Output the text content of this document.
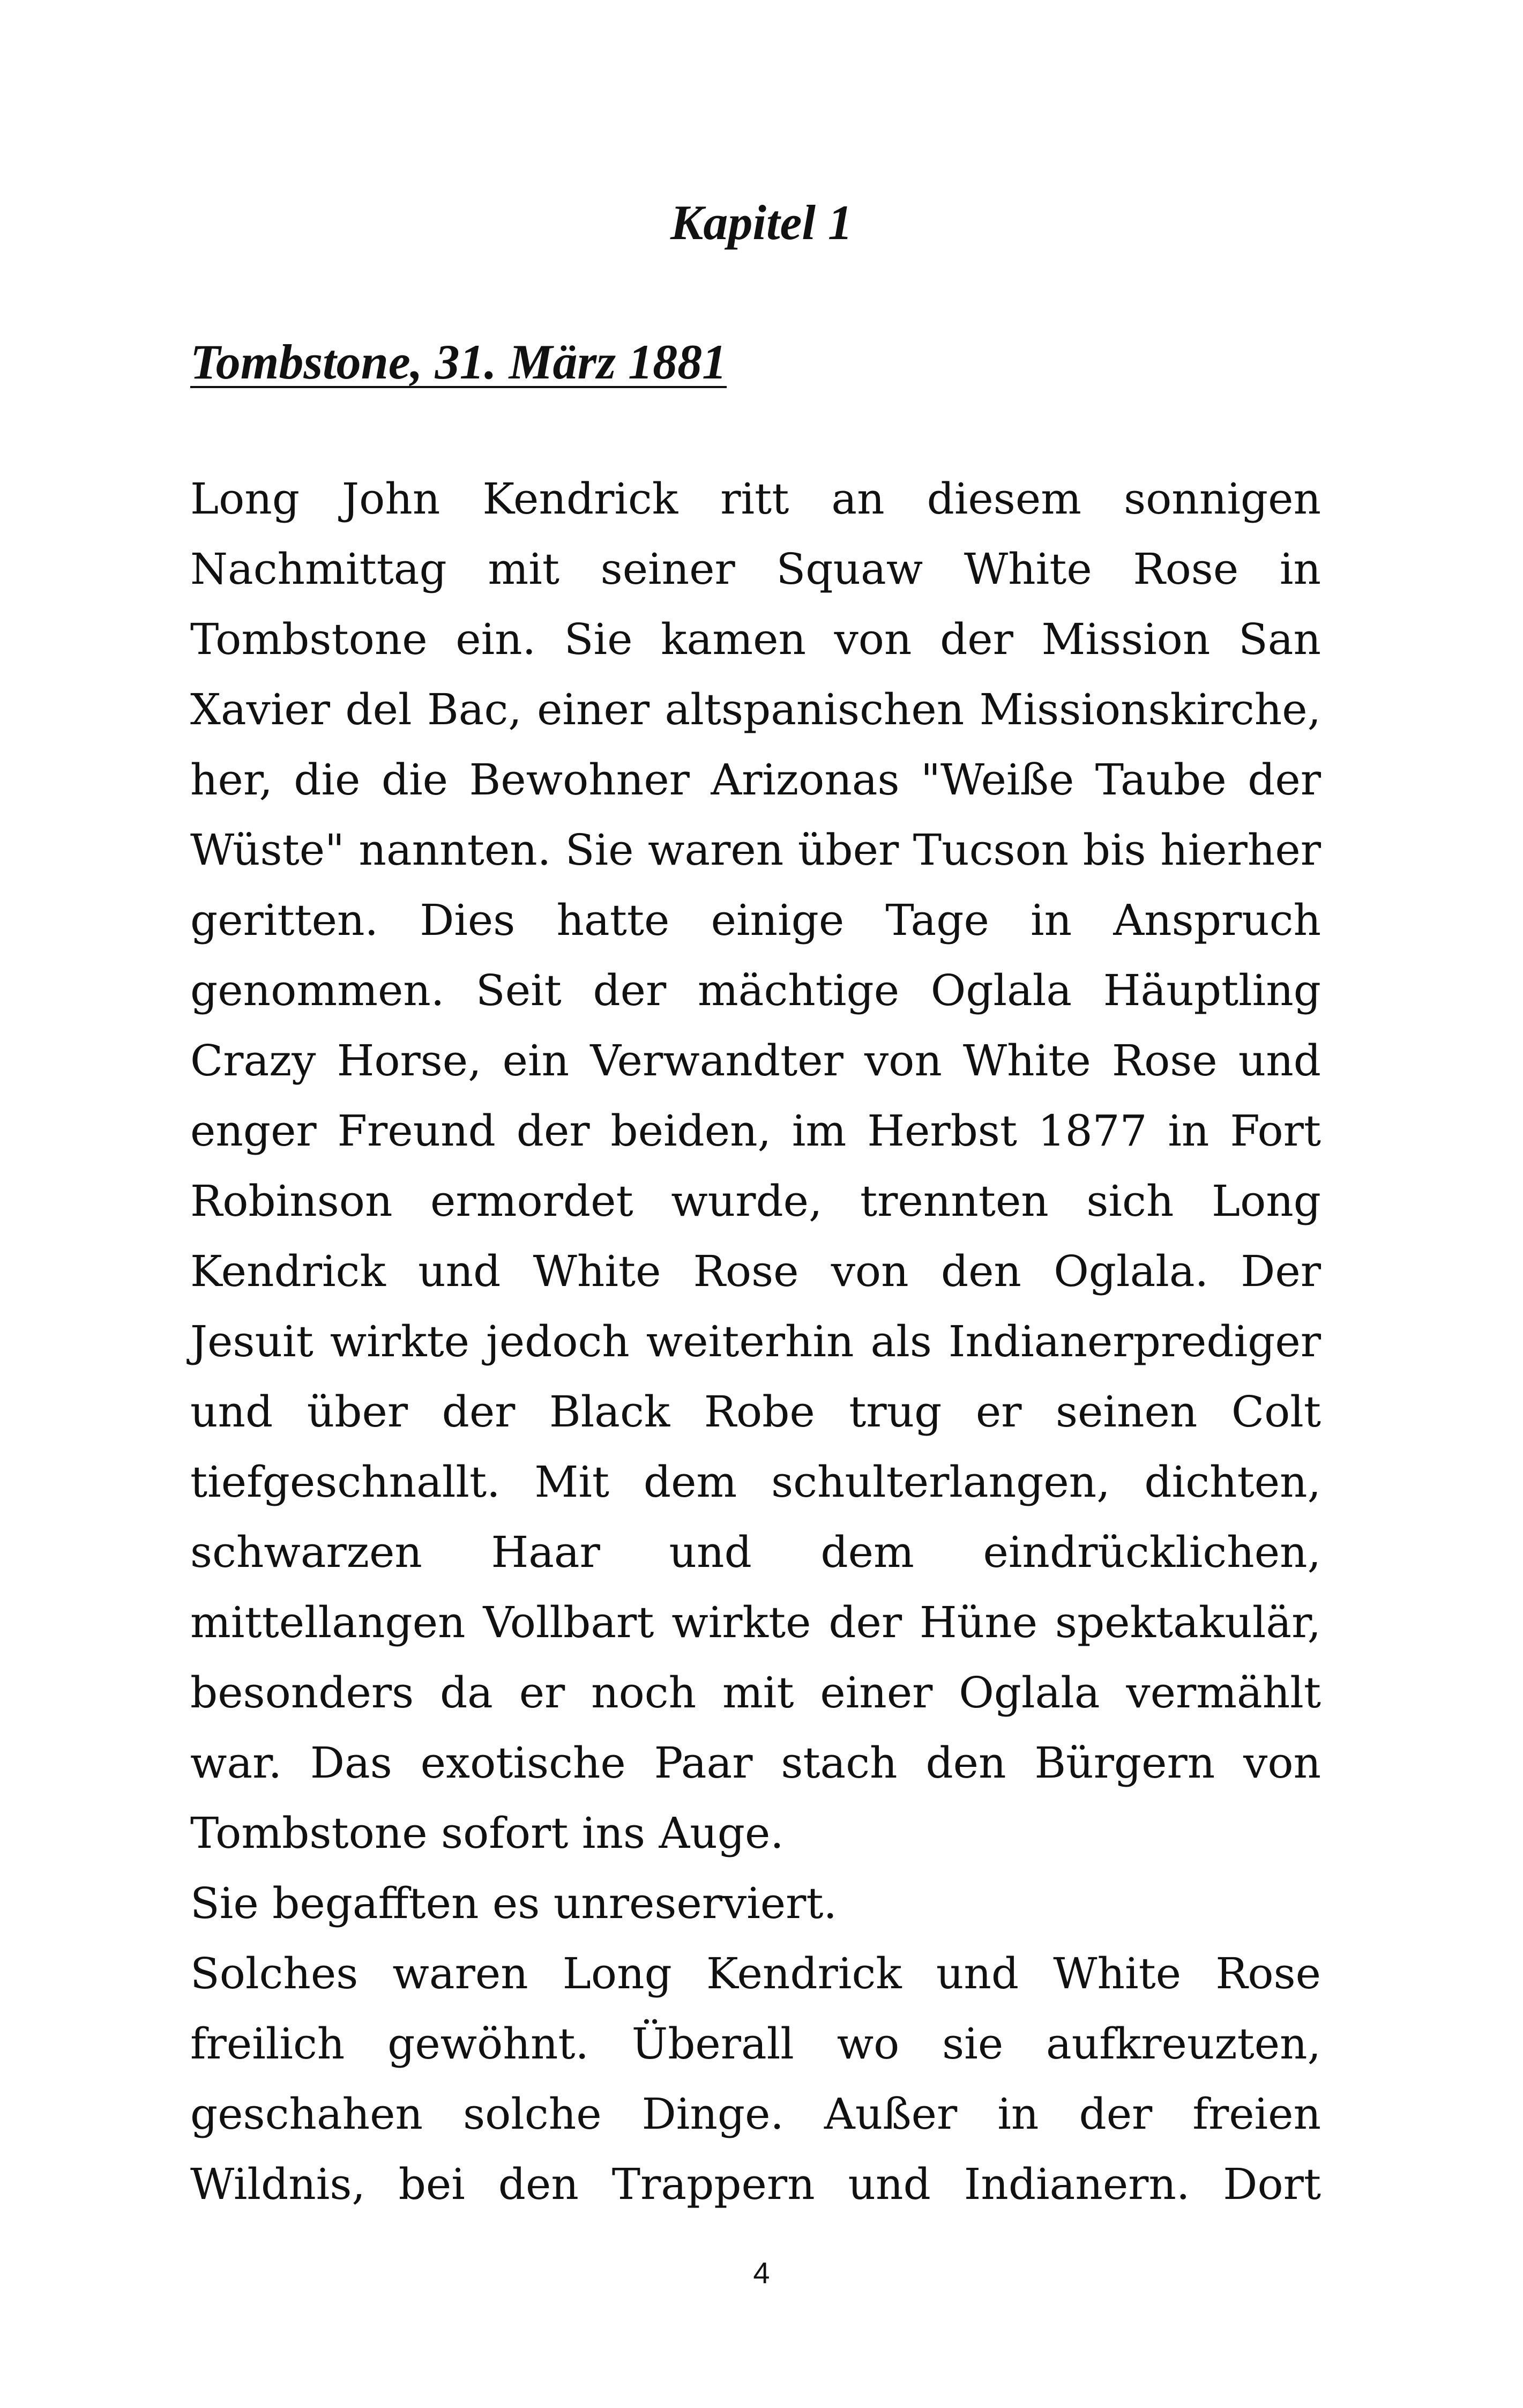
Kapitel 1
Tombstone, 31. März 1881

Long John Kendrick ritt an diesem sonnigen Nachmittag mit seiner Squaw White Rose in Tombstone ein. Sie kamen von der Mission San Xavier del Bac, einer altspanischen Missionskirche, her, die die Bewohner Arizonas "Weiße Taube der Wüste" nannten. Sie waren über Tucson bis hierher geritten. Dies hatte einige Tage in Anspruch genommen. Seit der mächtige Oglala Häuptling Crazy Horse, ein Verwandter von White Rose und enger Freund der beiden, im Herbst 1877 in Fort Robinson ermordet wurde, trennten sich Long Kendrick und White Rose von den Oglala. Der Jesuit wirkte jedoch weiterhin als Indianerprediger und über der Black Robe trug er seinen Colt tiefgeschnallt. Mit dem schulterlangen, dichten, schwarzen Haar und dem eindrücklichen, mittellangen Vollbart wirkte der Hüne spektakulär, besonders da er noch mit einer Oglala vermählt war. Das exotische Paar stach den Bürgern von Tombstone sofort ins Auge.

Sie begafften es unreserviert.

Solches waren Long Kendrick und White Rose freilich gewöhnt. Überall wo sie aufkreuzten, geschahen solche Dinge. Außer in der freien Wildnis, bei den Trappern und Indianern. Dort

4
